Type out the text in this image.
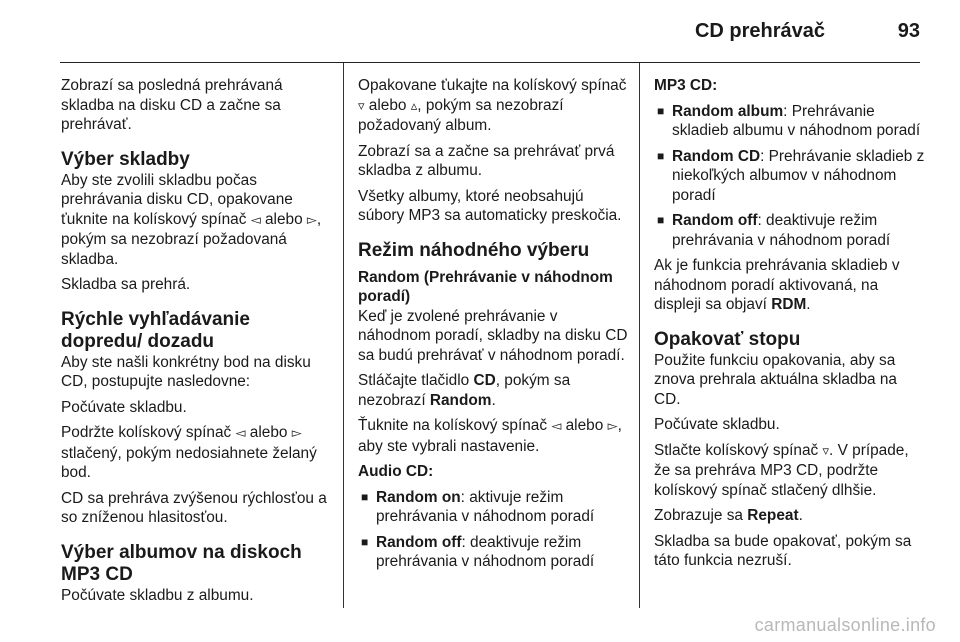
CD prehrávač	93

Zobrazí sa posledná prehrávaná skladba na disku CD a začne sa prehrávať.

Výber skladby

Aby ste zvolili skladbu počas prehrávania disku CD, opakovane ťuknite na kolískový spínač ◅ alebo ▻, pokým sa nezobrazí požadovaná skladba.

Skladba sa prehrá.

Rýchle vyhľadávanie dopredu/ dozadu

Aby ste našli konkrétny bod na disku CD, postupujte nasledovne:

Počúvate skladbu.

Podržte kolískový spínač ◅ alebo ▻ stlačený, pokým nedosiahnete želaný bod.

CD sa prehráva zvýšenou rýchlosťou a so zníženou hlasitosťou.

Výber albumov na diskoch MP3 CD

Počúvate skladbu z albumu.

Opakovane ťukajte na kolískový spínač ▿ alebo ▵, pokým sa nezobrazí požadovaný album.

Zobrazí sa a začne sa prehrávať prvá skladba z albumu.

Všetky albumy, ktoré neobsahujú súbory MP3 sa automaticky preskočia.

Režim náhodného výberu
Random (Prehrávanie v náhodnom poradí)

Keď je zvolené prehrávanie v náhodnom poradí, skladby na disku CD sa budú prehrávať v náhodnom poradí.

Stláčajte tlačidlo CD, pokým sa nezobrazí Random.

Ťuknite na kolískový spínač ◅ alebo ▻, aby ste vybrali nastavenie.

Audio CD:
■ Random on: aktivuje režim prehrávania v náhodnom poradí
■ Random off: deaktivuje režim prehrávania v náhodnom poradí
MP3 CD:
■ Random album: Prehrávanie skladieb albumu v náhodnom poradí
■ Random CD: Prehrávanie skladieb z niekoľkých albumov v náhodnom poradí
■ Random off: deaktivuje režim prehrávania v náhodnom poradí

Ak je funkcia prehrávania skladieb v náhodnom poradí aktivovaná, na displeji sa objaví RDM.

Opakovať stopu

Použite funkciu opakovania, aby sa znova prehrala aktuálna skladba na CD.

Počúvate skladbu.

Stlačte kolískový spínač ▿. V prípade, že sa prehráva MP3 CD, podržte kolískový spínač stlačený dlhšie.

Zobrazuje sa Repeat.

Skladba sa bude opakovať, pokým sa táto funkcia nezruší.

carmanualsonline.info
